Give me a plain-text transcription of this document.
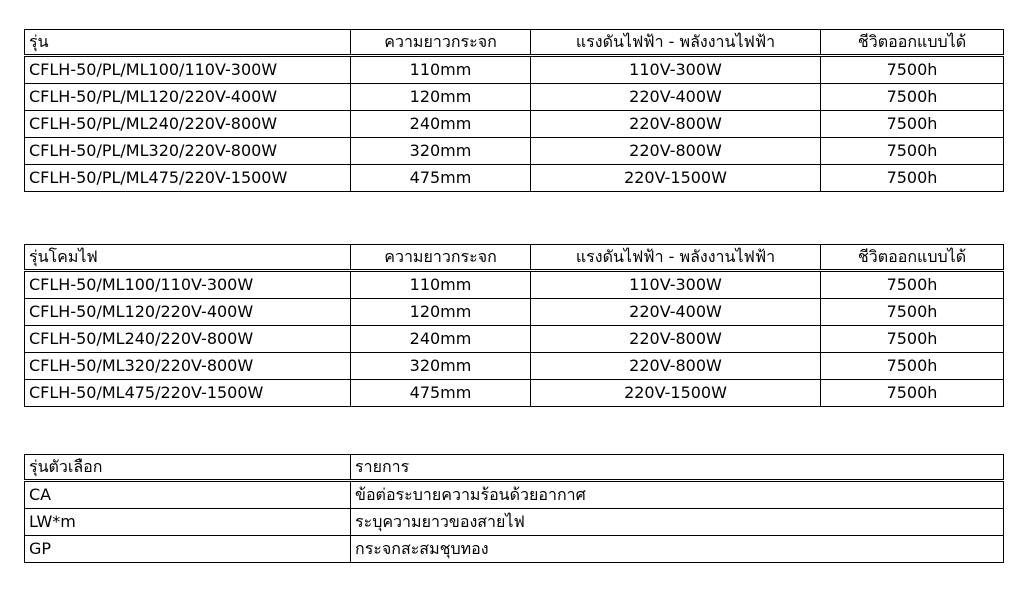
รุ่น	ความยาวกระจก	แรงดันไฟฟ้า - พลังงานไฟฟ้า	ชีวิตออกแบบได้
CFLH-50/PL/ML100/110V-300W	110mm	110V-300W	7500h
CFLH-50/PL/ML120/220V-400W	120mm	220V-400W	7500h
CFLH-50/PL/ML240/220V-800W	240mm	220V-800W	7500h
CFLH-50/PL/ML320/220V-800W	320mm	220V-800W	7500h
CFLH-50/PL/ML475/220V-1500W	475mm	220V-1500W	7500h
รุ่นโคมไฟ	ความยาวกระจก	แรงดันไฟฟ้า - พลังงานไฟฟ้า	ชีวิตออกแบบได้
CFLH-50/ML100/110V-300W	110mm	110V-300W	7500h
CFLH-50/ML120/220V-400W	120mm	220V-400W	7500h
CFLH-50/ML240/220V-800W	240mm	220V-800W	7500h
CFLH-50/ML320/220V-800W	320mm	220V-800W	7500h
CFLH-50/ML475/220V-1500W	475mm	220V-1500W	7500h
รุ่นตัวเลือก	รายการ
CA	ข้อต่อระบายความร้อนด้วยอากาศ
LW*m	ระบุความยาวของสายไฟ
GP	กระจกสะสมชุบทอง
